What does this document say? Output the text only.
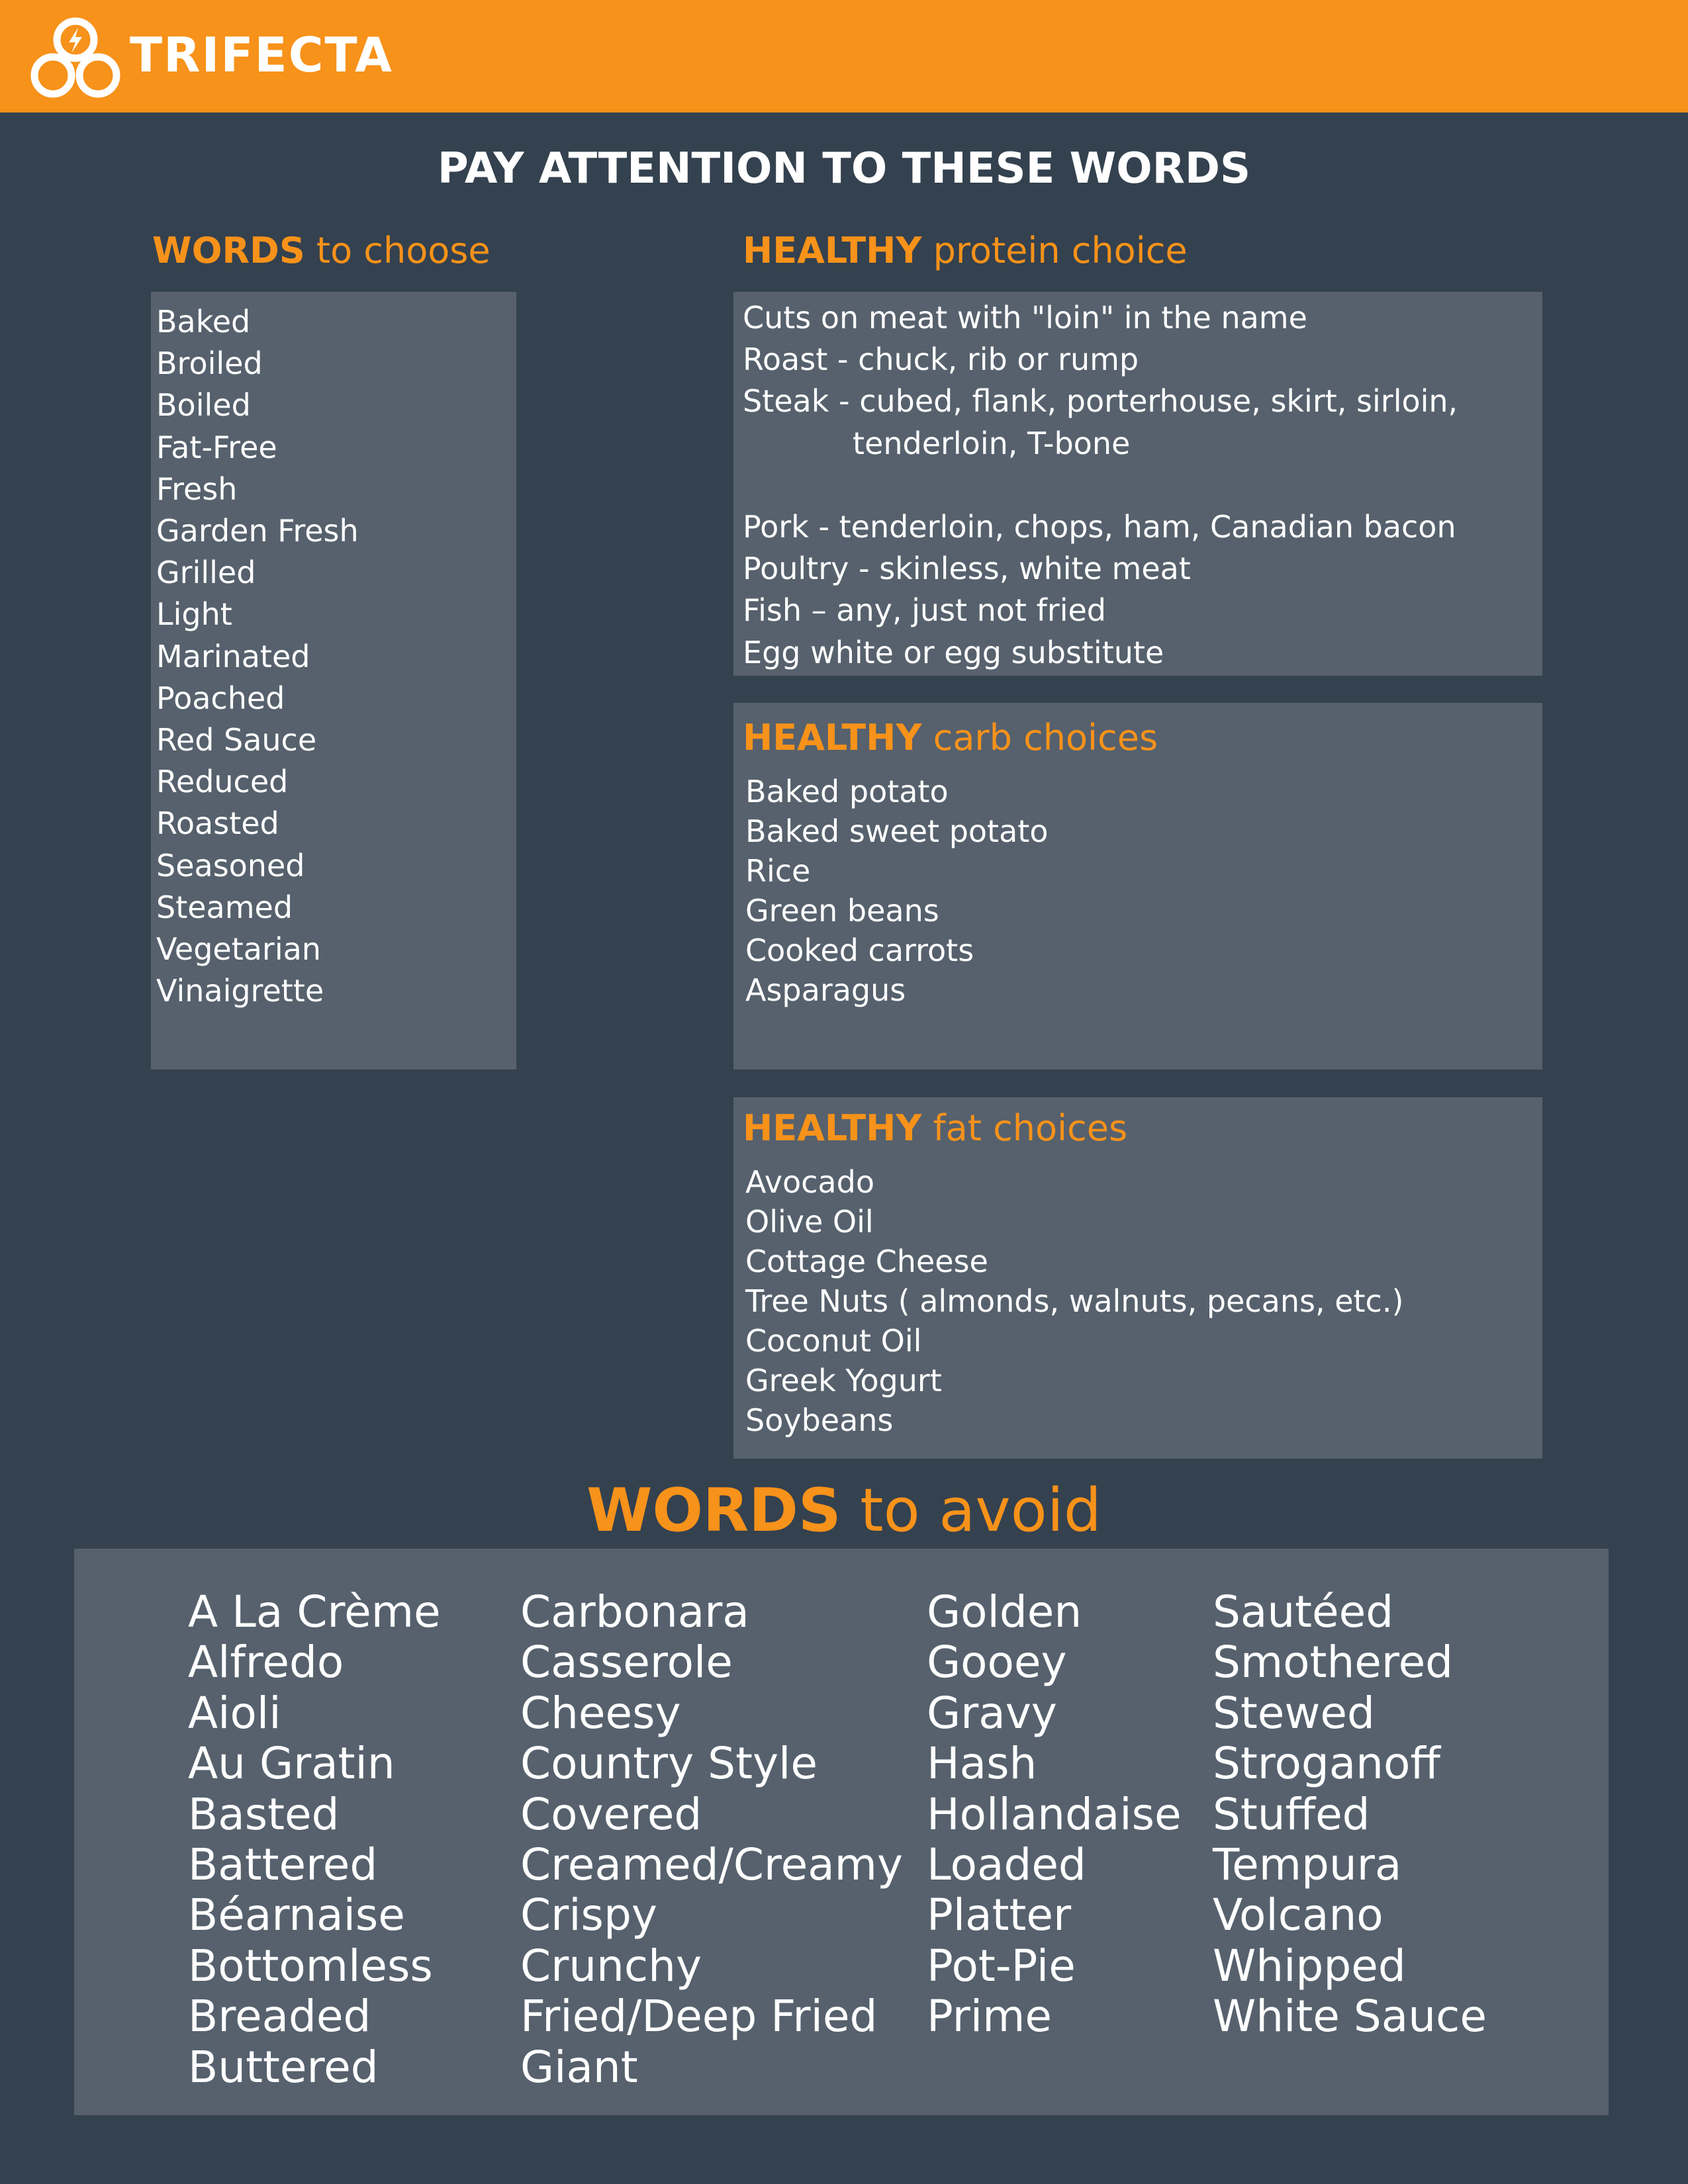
TRIFECTA
PAY ATTENTION TO THESE WORDS
WORDS to choose
Baked
Broiled
Boiled
Fat-Free
Fresh
Garden Fresh
Grilled
Light
Marinated
Poached
Red Sauce
Reduced
Roasted
Seasoned
Steamed
Vegetarian
Vinaigrette
HEALTHY protein choice
Cuts on meat with "loin" in the name
Roast - chuck, rib or rump
Steak - cubed, flank, porterhouse, skirt, sirloin,
tenderloin, T-bone
Pork - tenderloin, chops, ham, Canadian bacon
Poultry - skinless, white meat
Fish – any, just not fried
Egg white or egg substitute
HEALTHY carb choices
Baked potato
Baked sweet potato
Rice
Green beans
Cooked carrots
Asparagus
HEALTHY fat choices
Avocado
Olive Oil
Cottage Cheese
Tree Nuts ( almonds, walnuts, pecans, etc.)
Coconut Oil
Greek Yogurt
Soybeans
WORDS to avoid
A La Crème
Alfredo
Aioli
Au Gratin
Basted
Battered
Béarnaise
Bottomless
Breaded
Buttered
Carbonara
Casserole
Cheesy
Country Style
Covered
Creamed/Creamy
Crispy
Crunchy
Fried/Deep Fried
Giant
Golden
Gooey
Gravy
Hash
Hollandaise
Loaded
Platter
Pot-Pie
Prime
Sautéed
Smothered
Stewed
Stroganoff
Stuffed
Tempura
Volcano
Whipped
White Sauce
